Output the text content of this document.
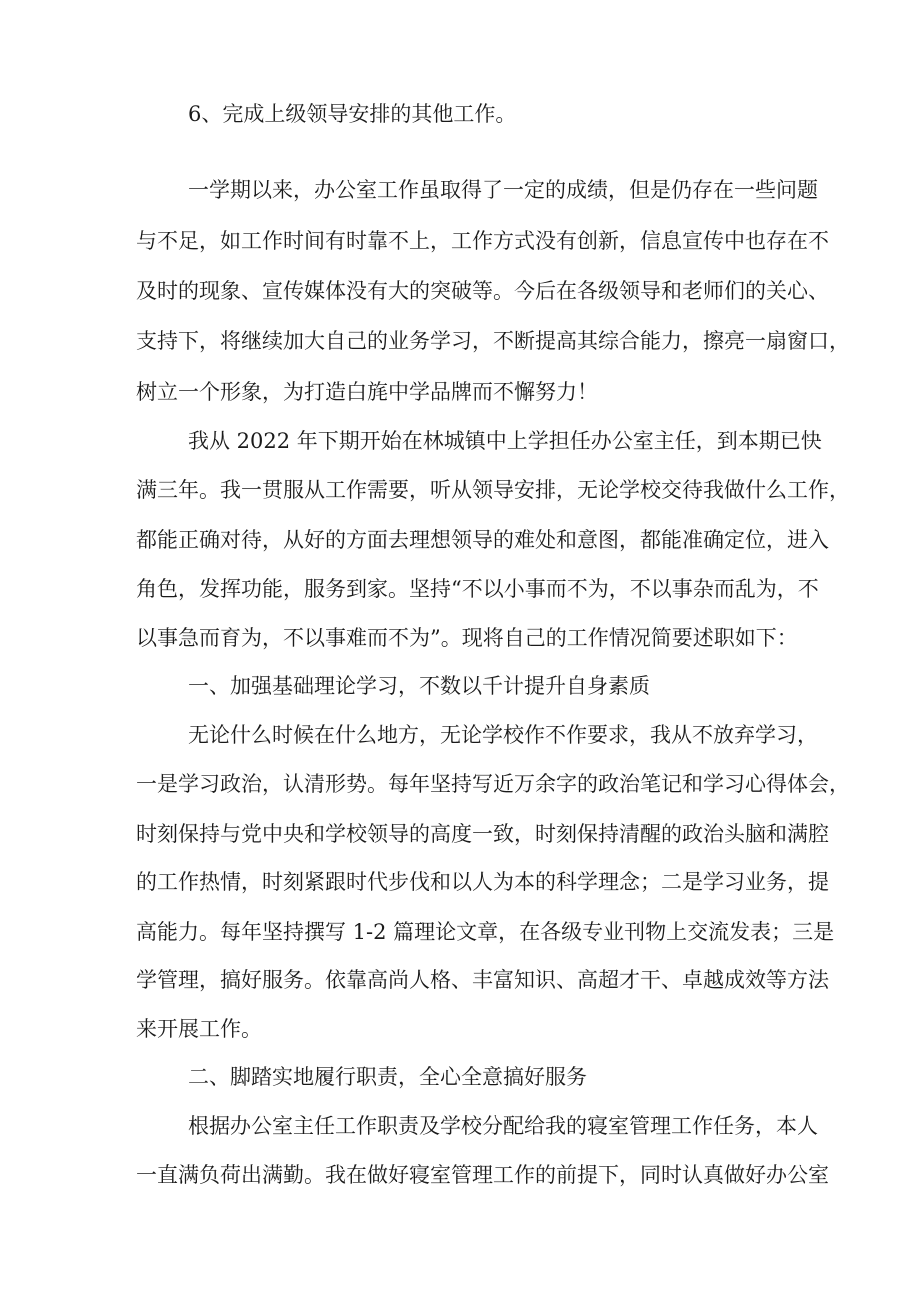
6、完成上级领导安排的其他工作。
一学期以来，办公室工作虽取得了一定的成绩，但是仍存在一些问题
与不足，如工作时间有时靠不上，工作方式没有创新，信息宣传中也存在不
及时的现象、宣传媒体没有大的突破等。今后在各级领导和老师们的关心、
支持下，将继续加大自己的业务学习，不断提高其综合能力，擦亮一扇窗口，
树立一个形象，为打造白旄中学品牌而不懈努力！
我从 2022 年下期开始在林城镇中上学担任办公室主任，到本期已快
满三年。我一贯服从工作需要，听从领导安排，无论学校交待我做什么工作，
都能正确对待，从好的方面去理想领导的难处和意图，都能准确定位，进入
角色，发挥功能，服务到家。坚持“不以小事而不为，不以事杂而乱为，不
以事急而育为，不以事难而不为”。现将自己的工作情况简要述职如下：
一、加强基础理论学习，不数以千计提升自身素质
无论什么时候在什么地方，无论学校作不作要求，我从不放弃学习，
一是学习政治，认清形势。每年坚持写近万余字的政治笔记和学习心得体会，
时刻保持与党中央和学校领导的高度一致，时刻保持清醒的政治头脑和满腔
的工作热情，时刻紧跟时代步伐和以人为本的科学理念；二是学习业务，提
高能力。每年坚持撰写 1-2 篇理论文章，在各级专业刊物上交流发表；三是
学管理，搞好服务。依靠高尚人格、丰富知识、高超才干、卓越成效等方法
来开展工作。
二、脚踏实地履行职责，全心全意搞好服务
根据办公室主任工作职责及学校分配给我的寝室管理工作任务，本人
一直满负荷出满勤。我在做好寝室管理工作的前提下，同时认真做好办公室
